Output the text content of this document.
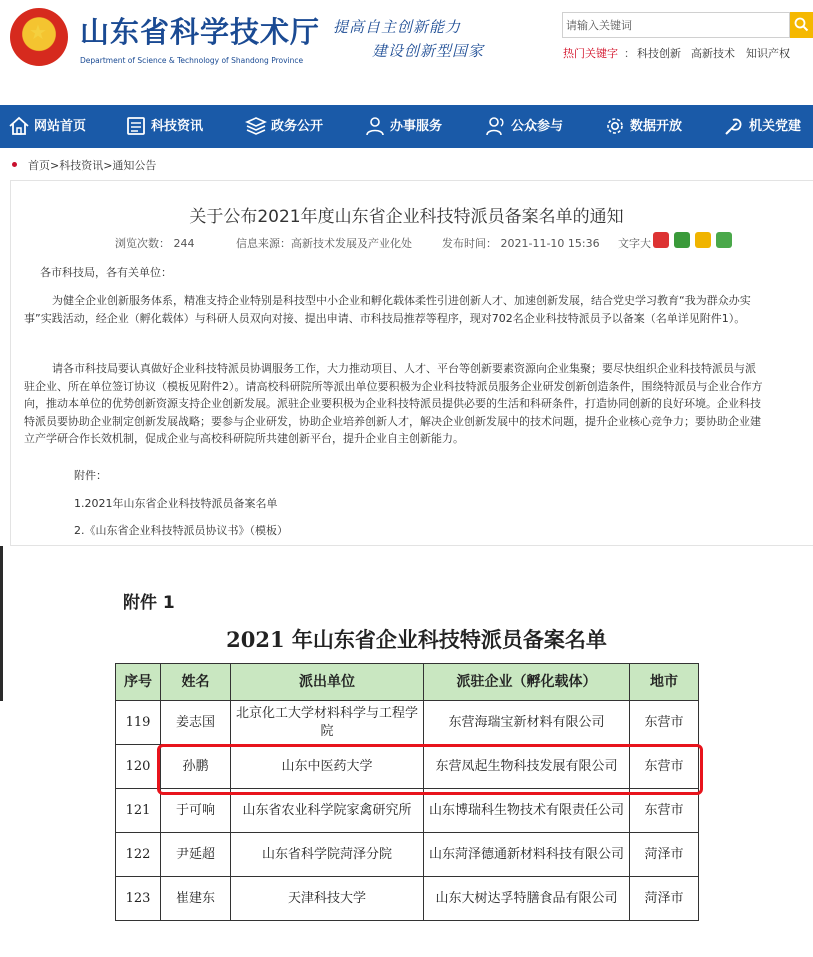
★ 山东省科学技术厅
Department of Science & Technology of Shandong Province
提高自主创新能力
建设创新型国家
请输入关键词	热门关键字 ： 科技创新 高新技术 知识产权
网站首页	科技资讯	政务公开	办事服务	公众参与	数据开放	机关党建
首页>科技资讯>通知公告
关于公布2021年度山东省企业科技特派员备案名单的通知
浏览次数： 244	信息来源：高新技术发展及产业化处	发布时间： 2021-11-10 15:36 文字大
各市科技局，各有关单位：
为健全企业创新服务体系，精准支持企业特别是科技型中小企业和孵化载体柔性引进创新人才、加速创新发展，结合党史学习教育“我为群众办实事”实践活动，经企业（孵化载体）与科研人员双向对接、提出申请、市科技局推荐等程序，现对702名企业科技特派员予以备案（名单详见附件1）。
请各市科技局要认真做好企业科技特派员协调服务工作，大力推动项目、人才、平台等创新要素资源向企业集聚；要尽快组织企业科技特派员与派驻企业、所在单位签订协议（模板见附件2）。请高校科研院所等派出单位要积极为企业科技特派员服务企业研发创新创造条件，围绕特派员与企业合作方向，推动本单位的优势创新资源支持企业创新发展。派驻企业要积极为企业科技特派员提供必要的生活和科研条件，打造协同创新的良好环境。企业科技特派员要协助企业制定创新发展战略；要参与企业研发，协助企业培养创新人才，解决企业创新发展中的技术问题，提升企业核心竞争力；要协助企业建立产学研合作长效机制，促成企业与高校科研院所共建创新平台，提升企业自主创新能力。
附件：
1.2021年山东省企业科技特派员备案名单
2.《山东省企业科技特派员协议书》（模板）
附件 1
2021 年山东省企业科技特派员备案名单
序号	姓名	派出单位	派驻企业（孵化载体）	地市
119	姜志国	北京化工大学材料科学与工程学院	东营海瑞宝新材料有限公司	东营市
120	孙鹏	山东中医药大学	东营凤起生物科技发展有限公司	东营市
121	于可响	山东省农业科学院家禽研究所	山东博瑞科生物技术有限责任公司	东营市
122	尹延超	山东省科学院菏泽分院	山东菏泽德通新材料科技有限公司	菏泽市
123	崔建东	天津科技大学	山东大树达孚特膳食品有限公司	菏泽市
